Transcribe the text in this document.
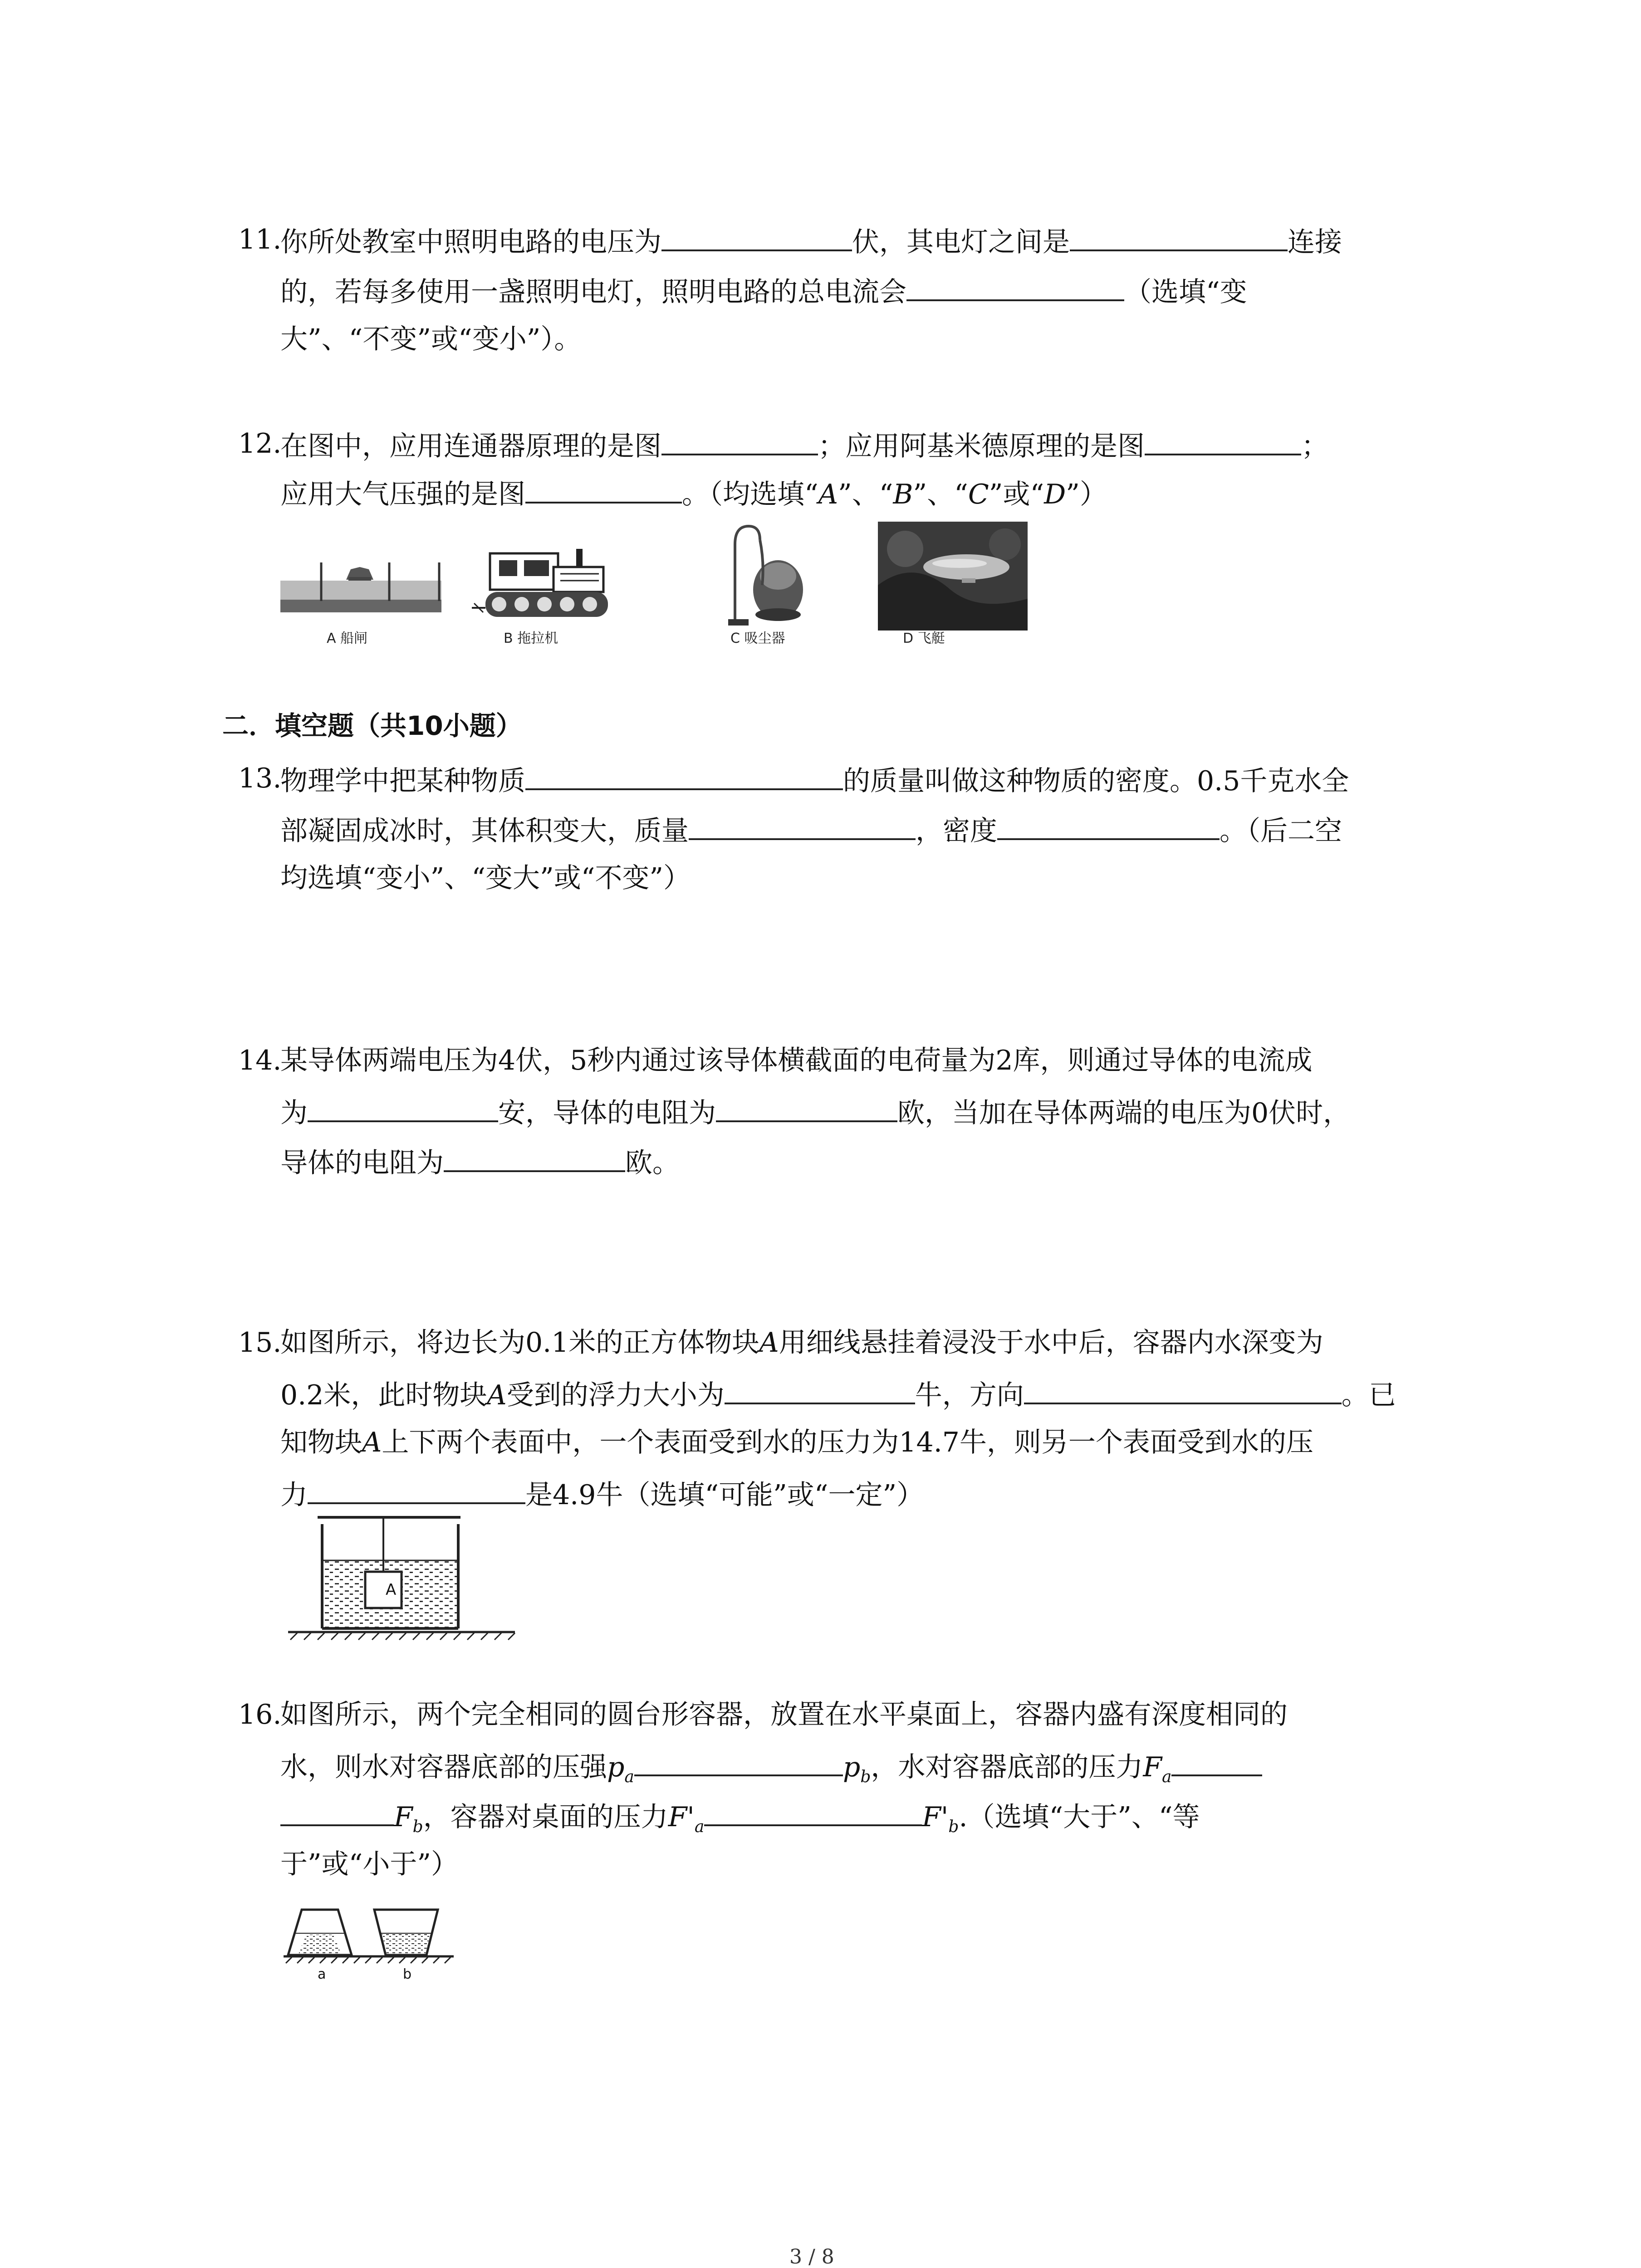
11.
你所处教室中照明电路的电压为	伏，其电灯之间是	连接
的，若每多使用一盏照明电灯，照明电路的总电流会	（选填“变
大”、“不变”或“变小”）。
12.
在图中，应用连通器原理的是图	；应用阿基米德原理的是图	；
应用大气压强的是图	。（均选填“A”、“B”、“C”或“D”）
A 船闸	B 拖拉机	C 吸尘器	D 飞艇
二．填空题（共10小题）
13.
物理学中把某种物质	的质量叫做这种物质的密度。0.5千克水全
部凝固成冰时，其体积变大，质量	，密度	。（后二空
均选填“变小”、“变大”或“不变”）
14.
某导体两端电压为4伏，5秒内通过该导体横截面的电荷量为2库，则通过导体的电流成
为	安，导体的电阻为	欧，当加在导体两端的电压为0伏时，
导体的电阻为	欧。
15.
如图所示，将边长为0.1米的正方体物块A用细线悬挂着浸没于水中后，容器内水深变为
0.2米，此时物块A受到的浮力大小为	牛，方向	。已
知物块A上下两个表面中，一个表面受到水的压力为14.7牛，则另一个表面受到水的压
力	是4.9牛（选填“可能”或“一定”）
A
16.
如图所示，两个完全相同的圆台形容器，放置在水平桌面上，容器内盛有深度相同的
水，则水对容器底部的压强$p_a$	$p_b$，水对容器底部的压力$F_a$
$F_b$，容器对桌面的压力$F'_a$	$F'_b$.（选填“大于”、“等
于”或“小于”）
a	b
3 / 8
